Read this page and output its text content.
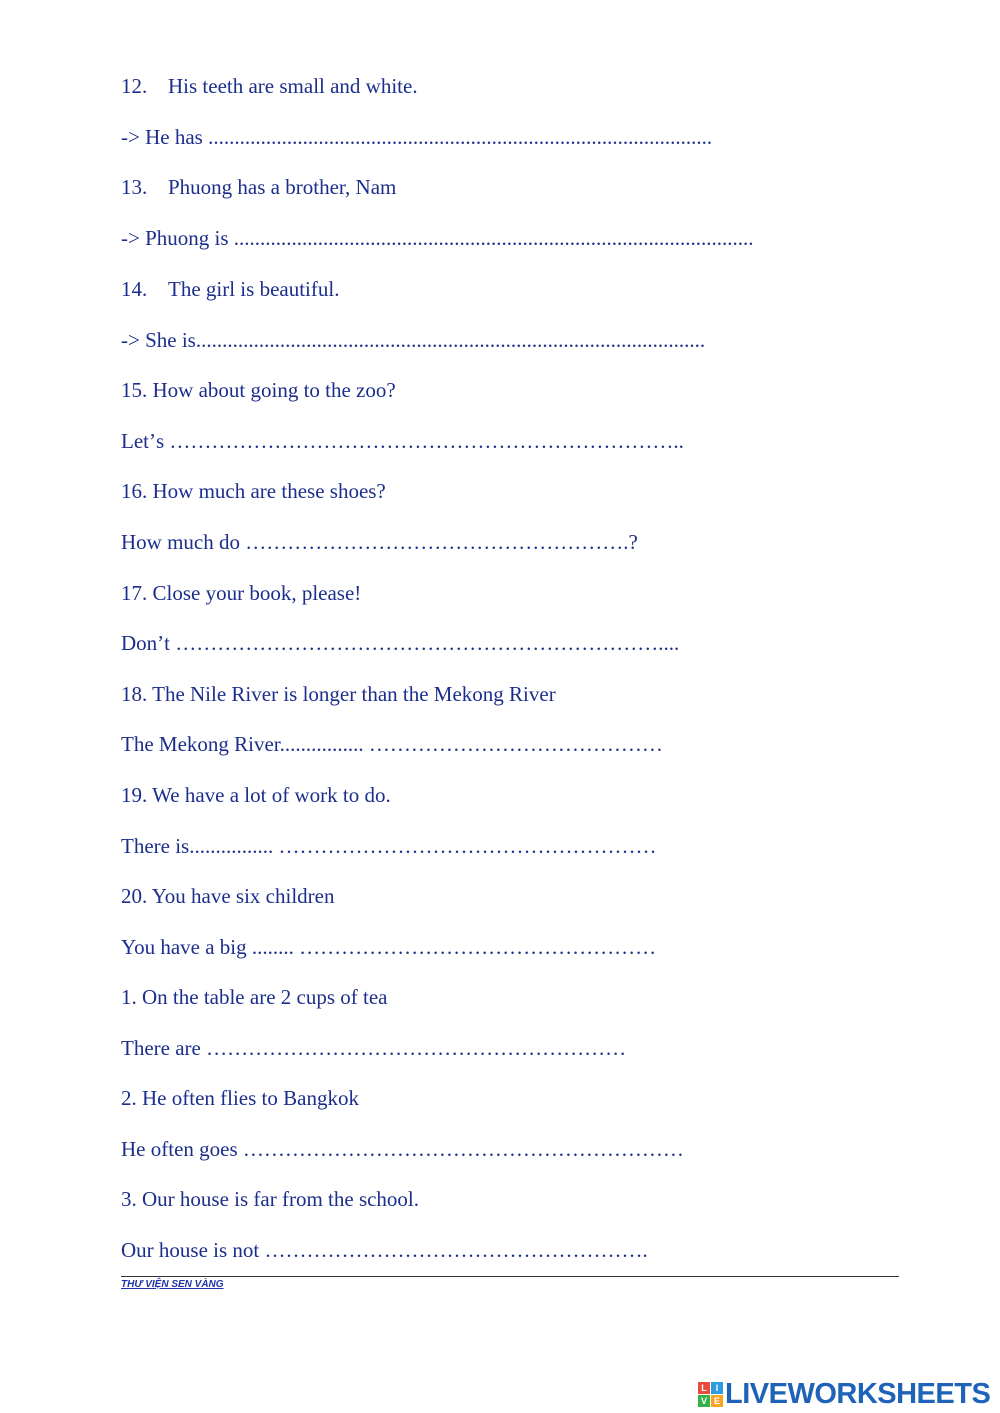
12. His teeth are small and white.
-> He has ................................................................................................
13. Phuong has a brother, Nam
-> Phuong is ...................................................................................................
14. The girl is beautiful.
-> She is.................................................................................................
15. How about going to the zoo?
Letʼs ………………………………………………………………..
16. How much are these shoes?
How much do ……………………………………………….?
17. Close your book, please!
Donʼt ……………………………………………………………....
18. The Nile River is longer than the Mekong River
The Mekong River................ ……………………………………
19. We have a lot of work to do.
There is................ ………………………………………………
20. You have six children
You have a big ........ ……………………………………………
1. On the table are 2 cups of tea
There are ……………………………………………………
2. He often flies to Bangkok
He often goes ………………………………………………………
3. Our house is far from the school.
Our house is not ……………………………………………….
THƯ VIỆN SEN VÀNG
L I
V E LIVEWORKSHEETS
